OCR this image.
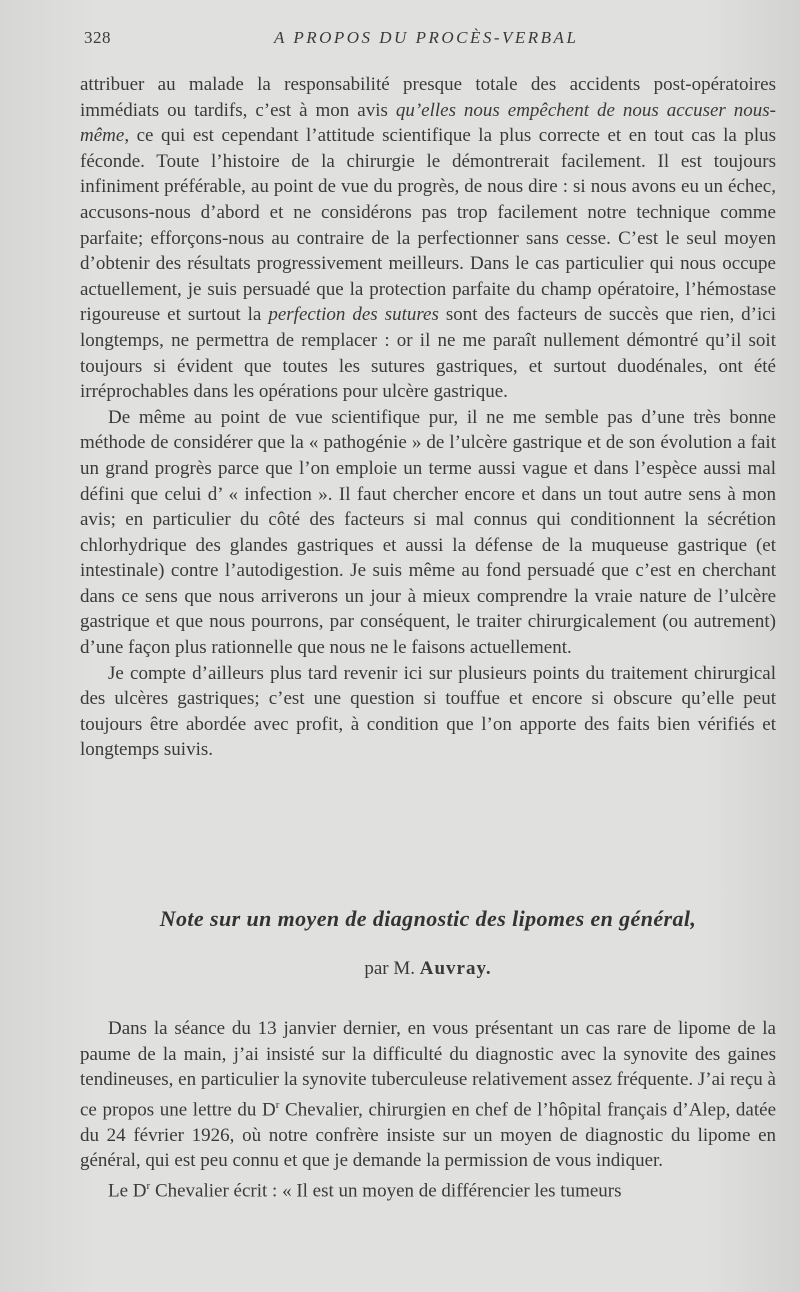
328	A PROPOS DU PROCÈS-VERBAL

attribuer au malade la responsabilité presque totale des accidents post-opératoires immédiats ou tardifs, c’est à mon avis qu’elles nous empêchent de nous accuser nous-même, ce qui est cependant l’attitude scientifique la plus correcte et en tout cas la plus féconde. Toute l’histoire de la chirurgie le démontrerait facilement. Il est toujours infiniment préférable, au point de vue du progrès, de nous dire : si nous avons eu un échec, accusons-nous d’abord et ne considérons pas trop facilement notre technique comme parfaite; efforçons-nous au contraire de la perfectionner sans cesse. C’est le seul moyen d’obtenir des résultats progressivement meilleurs. Dans le cas particulier qui nous occupe actuellement, je suis persuadé que la protection parfaite du champ opératoire, l’hémostase rigoureuse et surtout la perfection des sutures sont des facteurs de succès que rien, d’ici longtemps, ne permettra de remplacer : or il ne me paraît nullement démontré qu’il soit toujours si évident que toutes les sutures gastriques, et surtout duodénales, ont été irréprochables dans les opérations pour ulcère gastrique.

De même au point de vue scientifique pur, il ne me semble pas d’une très bonne méthode de considérer que la « pathogénie » de l’ulcère gastrique et de son évolution a fait un grand progrès parce que l’on emploie un terme aussi vague et dans l’espèce aussi mal défini que celui d’ « infection ». Il faut chercher encore et dans un tout autre sens à mon avis; en particulier du côté des facteurs si mal connus qui conditionnent la sécrétion chlorhydrique des glandes gastriques et aussi la défense de la muqueuse gastrique (et intestinale) contre l’autodigestion. Je suis même au fond persuadé que c’est en cherchant dans ce sens que nous arriverons un jour à mieux comprendre la vraie nature de l’ulcère gastrique et que nous pourrons, par conséquent, le traiter chirurgicalement (ou autrement) d’une façon plus rationnelle que nous ne le faisons actuellement.

Je compte d’ailleurs plus tard revenir ici sur plusieurs points du traitement chirurgical des ulcères gastriques; c’est une question si touffue et encore si obscure qu’elle peut toujours être abordée avec profit, à condition que l’on apporte des faits bien vérifiés et longtemps suivis.

Note sur un moyen de diagnostic des lipomes en général,
par M. Auvray.

Dans la séance du 13 janvier dernier, en vous présentant un cas rare de lipome de la paume de la main, j’ai insisté sur la difficulté du diagnostic avec la synovite des gaines tendineuses, en particulier la synovite tuberculeuse relativement assez fréquente. J’ai reçu à ce propos une lettre du $D^r$ Chevalier, chirurgien en chef de l’hôpital français d’Alep, datée du 24 février 1926, où notre confrère insiste sur un moyen de diagnostic du lipome en général, qui est peu connu et que je demande la permission de vous indiquer.

Le $D^r$ Chevalier écrit : « Il est un moyen de différencier les tumeurs
